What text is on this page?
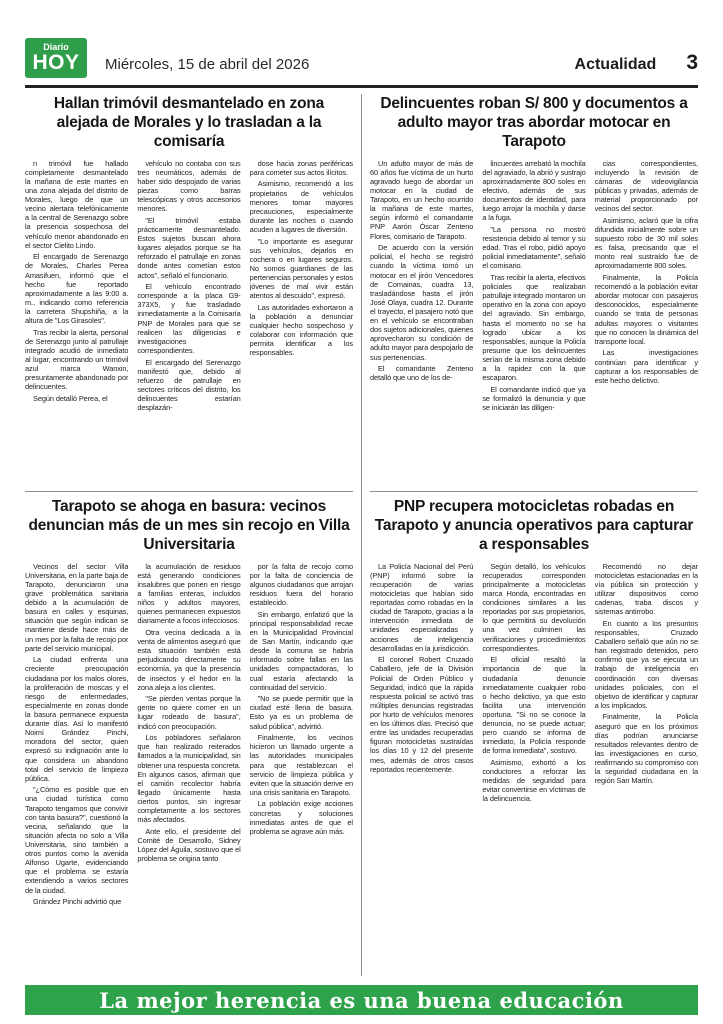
Diario
HOY Miércoles, 15 de abril del 2026	Actualidad 3
Hallan trimóvil desmantelado en zona alejada de Morales y lo trasladan a la comisaría

n trimóvil fue hallado completamente desmantelado la mañana de este martes en una zona alejada del distrito de Morales, luego de que un vecino alertara telefónicamente a la central de Serenazgo sobre la presencia sospechosa del vehículo menor abandonado en el sector Cielito Lindo.

El encargado de Serenazgo de Morales, Charles Perea Amasifuen, informó que el hecho fue reportado aproximadamente a las 9:00 a. m., indicando como referencia la carretera Shupshiña, a la altura de "Los Girasoles".

Tras recibir la alerta, personal de Serenazgo junto al patrullaje integrado acudió de inmediato al lugar, encontrando un trimóvil azul marca Wanxin, presuntamente abandonado por delincuentes.

Según detalló Perea, el

vehículo no contaba con sus tres neumáticos, además de haber sido despojado de varias piezas como barras telescópicas y otros accesorios menores.

"El trimóvil estaba prácticamente desmantelado. Estos sujetos buscan ahora lugares alejados porque se ha reforzado el patrullaje en zonas donde antes cometían estos actos", señaló el funcionario.

El vehículo encontrado corresponde a la placa G9-373X5, y fue trasladado inmediatamente a la Comisaría PNP de Morales para que se realicen las diligencias e investigaciones correspondientes.

El encargado del Serenazgo manifestó que, debido al refuerzo de patrullaje en sectores críticos del distrito, los delincuentes estarían desplazán-

dose hacia zonas periféricas para cometer sus actos ilícitos.

Asimismo, recomendó a los propietarios de vehículos menores tomar mayores precauciones, especialmente durante las noches o cuando acuden a lugares de diversión.

"Lo importante es asegurar sus vehículos, dejarlos en cochera o en lugares seguros. No somos guardianes de las pertenencias personales y estos jóvenes de mal vivir están atentos al descuido", expresó.

Las autoridades exhortaron a la población a denunciar cualquier hecho sospechoso y colaborar con información que permita identificar a los responsables.

Tarapoto se ahoga en basura: vecinos denuncian más de un mes sin recojo en Villa Universitaria

Vecinos del sector Villa Universitaria, en la parte baja de Tarapoto, denunciaron una grave problemática sanitaria debido a la acumulación de basura en calles y esquinas, situación que según indican se mantiene desde hace más de un mes por la falta de recojo por parte del servicio municipal.

La ciudad enfrenta una creciente preocupación ciudadana por los malos olores, la proliferación de moscas y el riesgo de enfermedades, especialmente en zonas donde la basura permanece expuesta durante días. Así lo manifestó Noimí Grández Pinchi, moradora del sector, quien expresó su indignación ante lo que considera un abandono total del servicio de limpieza pública.

"¿Cómo es posible que en una ciudad turística como Tarapoto tengamos que convivir con tanta basura?", cuestionó la vecina, señalando que la situación afecta no solo a Villa Universitaria, sino también a otros puntos como la avenida Alfonso Ugarte, evidenciando que el problema se estaría extendiendo a varios sectores de la ciudad.

Grández Pinchi advirtió que

la acumulación de residuos está generando condiciones insalubres que ponen en riesgo a familias enteras, incluidos niños y adultos mayores, quienes permanecen expuestos diariamente a focos infecciosos.

Otra vecina dedicada a la venta de alimentos aseguró que esta situación también está perjudicando directamente su economía, ya que la presencia de insectos y el hedor en la zona aleja a los clientes.

"Se pierden ventas porque la gente no quiere comer en un lugar rodeado de basura", indicó con preocupación.

Los pobladores señalaron que han realizado reiterados llamados a la municipalidad, sin obtener una respuesta concreta. En algunos casos, afirman que el camión recolector habría llegado únicamente hasta ciertos puntos, sin ingresar completamente a los sectores más afectados.

Ante ello, el presidente del Comité de Desarrollo, Sidney López del Águila, sostuvo que el problema se origina tanto

por la falta de recojo como por la falta de conciencia de algunos ciudadanos que arrojan residuos fuera del horario establecido.

Sin embargo, enfatizó que la principal responsabilidad recae en la Municipalidad Provincial de San Martín, indicando que desde la comuna se habría informado sobre fallas en las unidades compactadoras, lo cual estaría afectando la continuidad del servicio.

"No se puede permitir que la ciudad esté llena de basura. Esto ya es un problema de salud pública", advirtió.

Finalmente, los vecinos hicieron un llamado urgente a las autoridades municipales para que restablezcan el servicio de limpieza pública y eviten que la situación derive en una crisis sanitaria en Tarapoto.

La población exige acciones concretas y soluciones inmediatas antes de que el problema se agrave aún más.

Delincuentes roban S/ 800 y documentos a adulto mayor tras abordar motocar en Tarapoto

Un adulto mayor de más de 60 años fue víctima de un hurto agravado luego de abordar un motocar en la ciudad de Tarapoto, en un hecho ocurrido la mañana de este martes, según informó el comandante PNP Aarón Óscar Zenteno Flores, comisario de Tarapoto.

De acuerdo con la versión policial, el hecho se registró cuando la víctima tomó un motocar en el jirón Vencedores de Comainas, cuadra 13, trasladándose hasta el jirón José Olaya, cuadra 12. Durante el trayecto, el pasajero notó que en el vehículo se encontraban dos sujetos adicionales, quienes aprovecharon su condición de adulto mayor para despojarlo de sus pertenencias.

El comandante Zenteno detalló que uno de los de-

lincuentes arrebató la mochila del agraviado, la abrió y sustrajo aproximadamente 800 soles en efectivo, además de sus documentos de identidad, para luego arrojar la mochila y darse a la fuga.

"La persona no mostró resistencia debido al temor y su edad. Tras el robo, pidió apoyo policial inmediatamente", señaló el comisario.

Tras recibir la alerta, efectivos policiales que realizaban patrullaje integrado montaron un operativo en la zona con apoyo del agraviado. Sin embargo, hasta el momento no se ha logrado ubicar a los responsables, aunque la Policía presume que los delincuentes serían de la misma zona debido a la rapidez con la que escaparon.

El comandante indicó que ya se formalizó la denuncia y que se iniciarán las diligen-

cias correspondientes, incluyendo la revisión de cámaras de videovigilancia públicas y privadas, además de material proporcionado por vecinos del sector.

Asimismo, aclaró que la cifra difundida inicialmente sobre un supuesto robo de 30 mil soles es falsa, precisando que el monto real sustraído fue de aproximadamente 800 soles.

Finalmente, la Policía recomendó a la población evitar abordar motocar con pasajeros desconocidos, especialmente cuando se trata de personas adultas mayores o visitantes que no conocen la dinámica del transporte local.

Las investigaciones continúan para identificar y capturar a los responsables de este hecho delictivo.

PNP recupera motocicletas robadas en Tarapoto y anuncia operativos para capturar a responsables

La Policía Nacional del Perú (PNP) informó sobre la recuperación de varias motocicletas que habían sido reportadas como robadas en la ciudad de Tarapoto, gracias a la intervención inmediata de unidades especializadas y acciones de inteligencia desarrolladas en la jurisdicción.

El coronel Robert Cruzado Caballero, jefe de la División Policial de Orden Público y Seguridad, indicó que la rápida respuesta policial se activó tras múltiples denuncias registradas por hurto de vehículos menores en los últimos días. Precisó que entre las unidades recuperadas figuran motocicletas sustraídas los días 10 y 12 del presente mes, además de otros casos reportados recientemente.

Según detalló, los vehículos recuperados corresponden principalmente a motocicletas marca Honda, encontradas en condiciones similares a las reportadas por sus propietarios, lo que permitirá su devolución una vez culminen las verificaciones y procedimientos correspondientes.

El oficial resaltó la importancia de que la ciudadanía denuncie inmediatamente cualquier robo o hecho delictivo, ya que esto facilita una intervención oportuna. "Si no se conoce la denuncia, no se puede actuar; pero cuando se informa de inmediato, la Policía responde de forma inmediata", sostuvo.

Asimismo, exhortó a los conductores a reforzar las medidas de seguridad para evitar convertirse en víctimas de la delincuencia.

Recomendó no dejar motocicletas estacionadas en la vía pública sin protección y utilizar dispositivos como cadenas, traba discos y sistemas antirrobo.

En cuanto a los presuntos responsables, Cruzado Caballero señaló que aún no se han registrado detenidos, pero confirmó que ya se ejecuta un trabajo de inteligencia en coordinación con diversas unidades policiales, con el objetivo de identificar y capturar a los implicados.

Finalmente, la Policía aseguró que en los próximos días podrían anunciarse resultados relevantes dentro de las investigaciones en curso, reafirmando su compromiso con la seguridad ciudadana en la región San Martín.

La mejor herencia es una buena educación
